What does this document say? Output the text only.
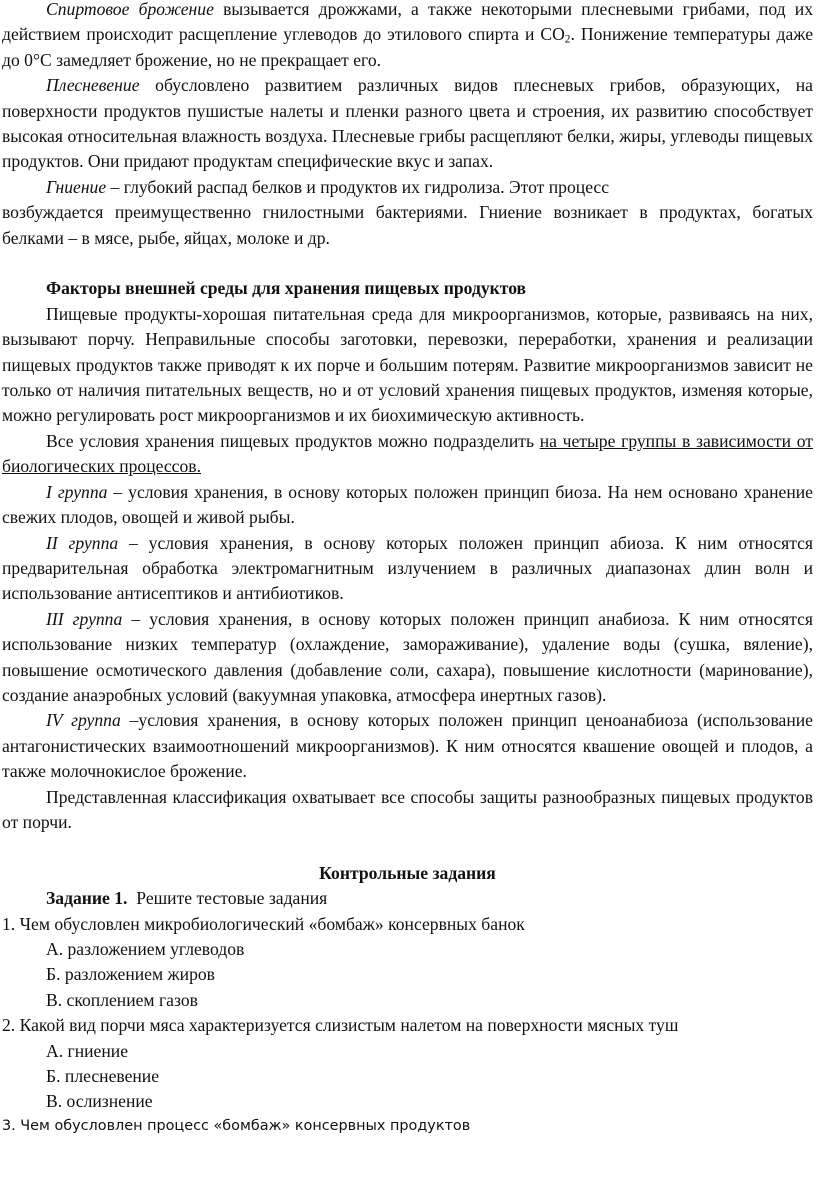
Спиртовое брожение вызывается дрожжами, а также некоторыми плесневыми грибами, под их действием происходит расщепление углеводов до этилового спирта и $CO_2$. Понижение температуры даже до 0°С замедляет брожение, но не прекращает его.

Плесневение обусловлено развитием различных видов плесневых грибов, образующих, на поверхности продуктов пушистые налеты и пленки разного цвета и строения, их развитию способствует высокая относительная влажность воздуха. Плесневые грибы расщепляют белки, жиры, углеводы пищевых продуктов. Они придают продуктам специфические вкус и запах.

Гниение – глубокий распад белков и продуктов их гидролиза. Этот процесс

возбуждается преимущественно гнилостными бактериями. Гниение возникает в продуктах, богатых белками – в мясе, рыбе, яйцах, молоке и др.

Факторы внешней среды для хранения пищевых продуктов

Пищевые продукты-хорошая питательная среда для микроорганизмов, которые, развиваясь на них, вызывают порчу. Неправильные способы заготовки, перевозки, переработки, хранения и реализации пищевых продуктов также приводят к их порче и большим потерям. Развитие микроорганизмов зависит не только от наличия питательных веществ, но и от условий хранения пищевых продуктов, изменяя которые, можно регулировать рост микроорганизмов и их биохимическую активность.

Все условия хранения пищевых продуктов можно подразделить на четыре группы в зависимости от биологических процессов.

I группа – условия хранения, в основу которых положен принцип биоза. На нем основано хранение свежих плодов, овощей и живой рыбы.

II группа – условия хранения, в основу которых положен принцип абиоза. К ним относятся предварительная обработка электромагнитным излучением в различных диапазонах длин волн и использование антисептиков и антибиотиков.

III группа – условия хранения, в основу которых положен принцип анабиоза. К ним относятся использование низких температур (охлаждение, замораживание), удаление воды (сушка, вяление), повышение осмотического давления (добавление соли, сахара), повышение кислотности (маринование), создание анаэробных условий (вакуумная упаковка, атмосфера инертных газов).

IV группа –условия хранения, в основу которых положен принцип ценоанабиоза (использование антагонистических взаимоотношений микроорганизмов). К ним относятся квашение овощей и плодов, а также молочнокислое брожение.

Представленная классификация охватывает все способы защиты разнообразных пищевых продуктов от порчи.

Контрольные задания

Задание 1.  Решите тестовые задания

1. Чем обусловлен микробиологический «бомбаж» консервных банок

А. разложением углеводов

Б. разложением жиров

В. скоплением газов

2. Какой вид порчи мяса характеризуется слизистым налетом на поверхности мясных туш

А. гниение

Б. плесневение

В. ослизнение

3. Чем обусловлен процесс «бомбаж» консервных продуктов
